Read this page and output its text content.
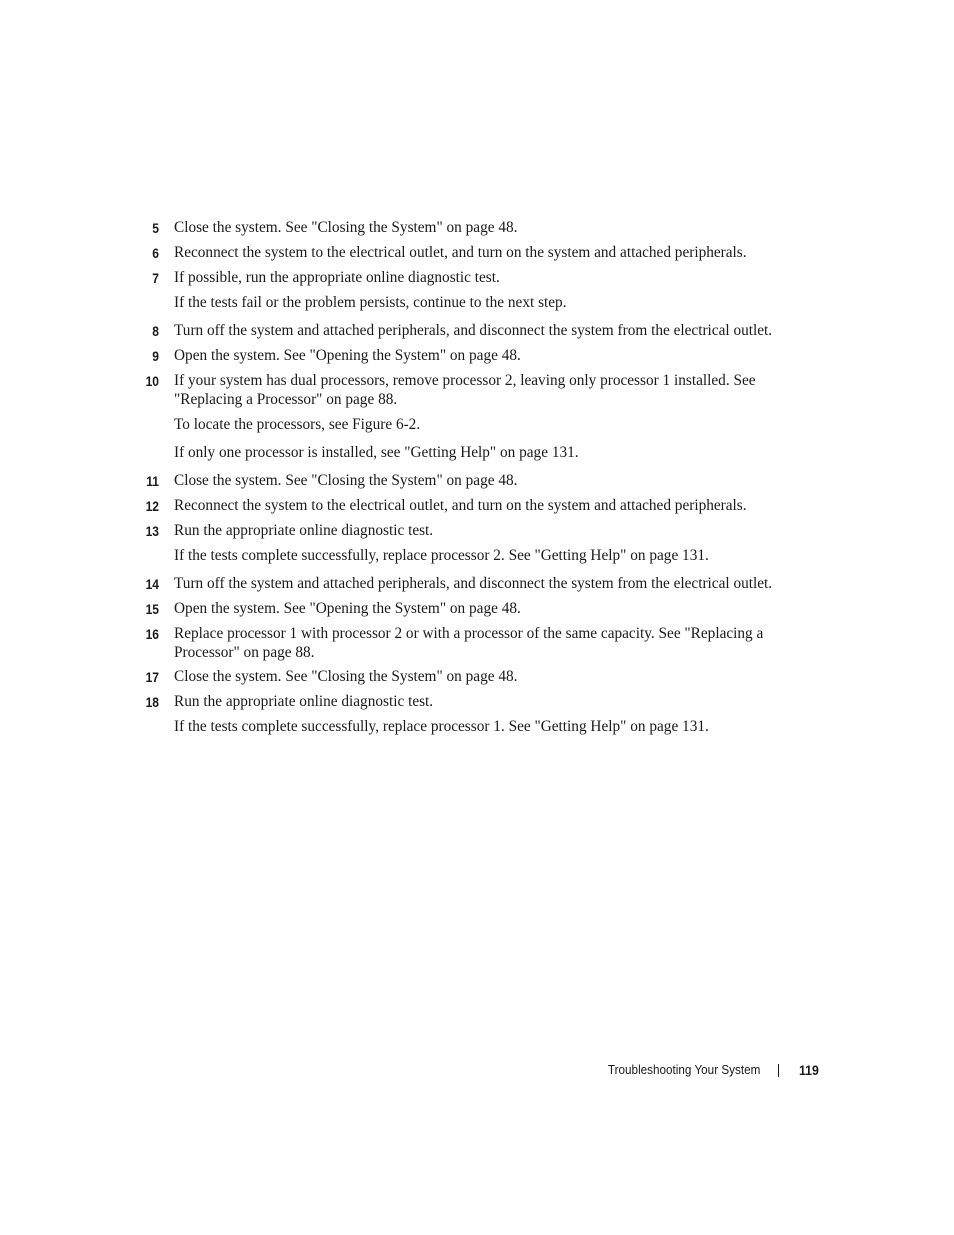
5 Close the system. See "Closing the System" on page 48.
6 Reconnect the system to the electrical outlet, and turn on the system and attached peripherals.
7 If possible, run the appropriate online diagnostic test.
If the tests fail or the problem persists, continue to the next step.
8 Turn off the system and attached peripherals, and disconnect the system from the electrical outlet.
9 Open the system. See "Opening the System" on page 48.
10 If your system has dual processors, remove processor 2, leaving only processor 1 installed. See "Replacing a Processor" on page 88.
To locate the processors, see Figure 6-2.
If only one processor is installed, see "Getting Help" on page 131.
11 Close the system. See "Closing the System" on page 48.
12 Reconnect the system to the electrical outlet, and turn on the system and attached peripherals.
13 Run the appropriate online diagnostic test.
If the tests complete successfully, replace processor 2. See "Getting Help" on page 131.
14 Turn off the system and attached peripherals, and disconnect the system from the electrical outlet.
15 Open the system. See "Opening the System" on page 48.
16 Replace processor 1 with processor 2 or with a processor of the same capacity. See "Replacing a Processor" on page 88.
17 Close the system. See "Closing the System" on page 48.
18 Run the appropriate online diagnostic test.
If the tests complete successfully, replace processor 1. See "Getting Help" on page 131.
Troubleshooting Your System	119
